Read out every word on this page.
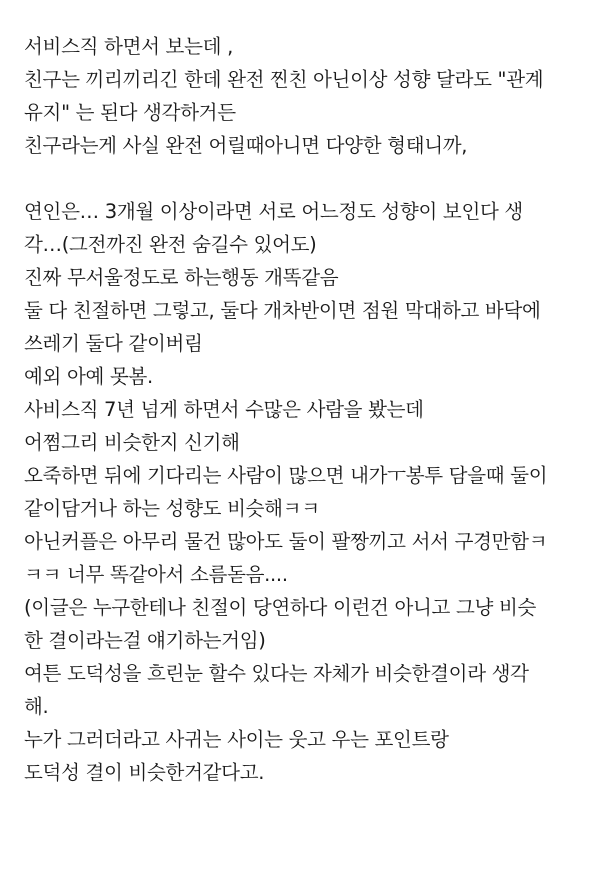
서비스직 하면서 보는데 ,
친구는 끼리끼리긴 한데 완전 찐친 아닌이상 성향 달라도 "관계
유지" 는 된다 생각하거든
친구라는게 사실 완전 어릴때아니면 다양한 형태니까,
연인은… 3개월 이상이라면 서로 어느정도 성향이 보인다 생
각…(그전까진 완전 숨길수 있어도)
진짜 무서울정도로 하는행동 개똑같음
둘 다 친절하면 그렇고, 둘다 개차반이면 점원 막대하고 바닥에
쓰레기 둘다 같이버림
예외 아예 못봄.
사비스직 7년 넘게 하면서 수많은 사람을 봤는데
어쩜그리 비슷한지 신기해
오죽하면 뒤에 기다리는 사람이 많으면 내가ㅜ봉투 담을때 둘이
같이담거나 하는 성향도 비슷해ㅋㅋ
아닌커플은 아무리 물건 많아도 둘이 팔짱끼고 서서 구경만함ㅋ
ㅋㅋ 너무 똑같아서 소름돋음....
(이글은 누구한테나 친절이 당연하다 이런건 아니고 그냥 비슷
한 결이라는걸 얘기하는거임)
여튼 도덕성을 흐린눈 할수 있다는 자체가 비슷한결이라 생각
해.
누가 그러더라고 사귀는 사이는 웃고 우는 포인트랑
도덕성 결이 비슷한거같다고.
